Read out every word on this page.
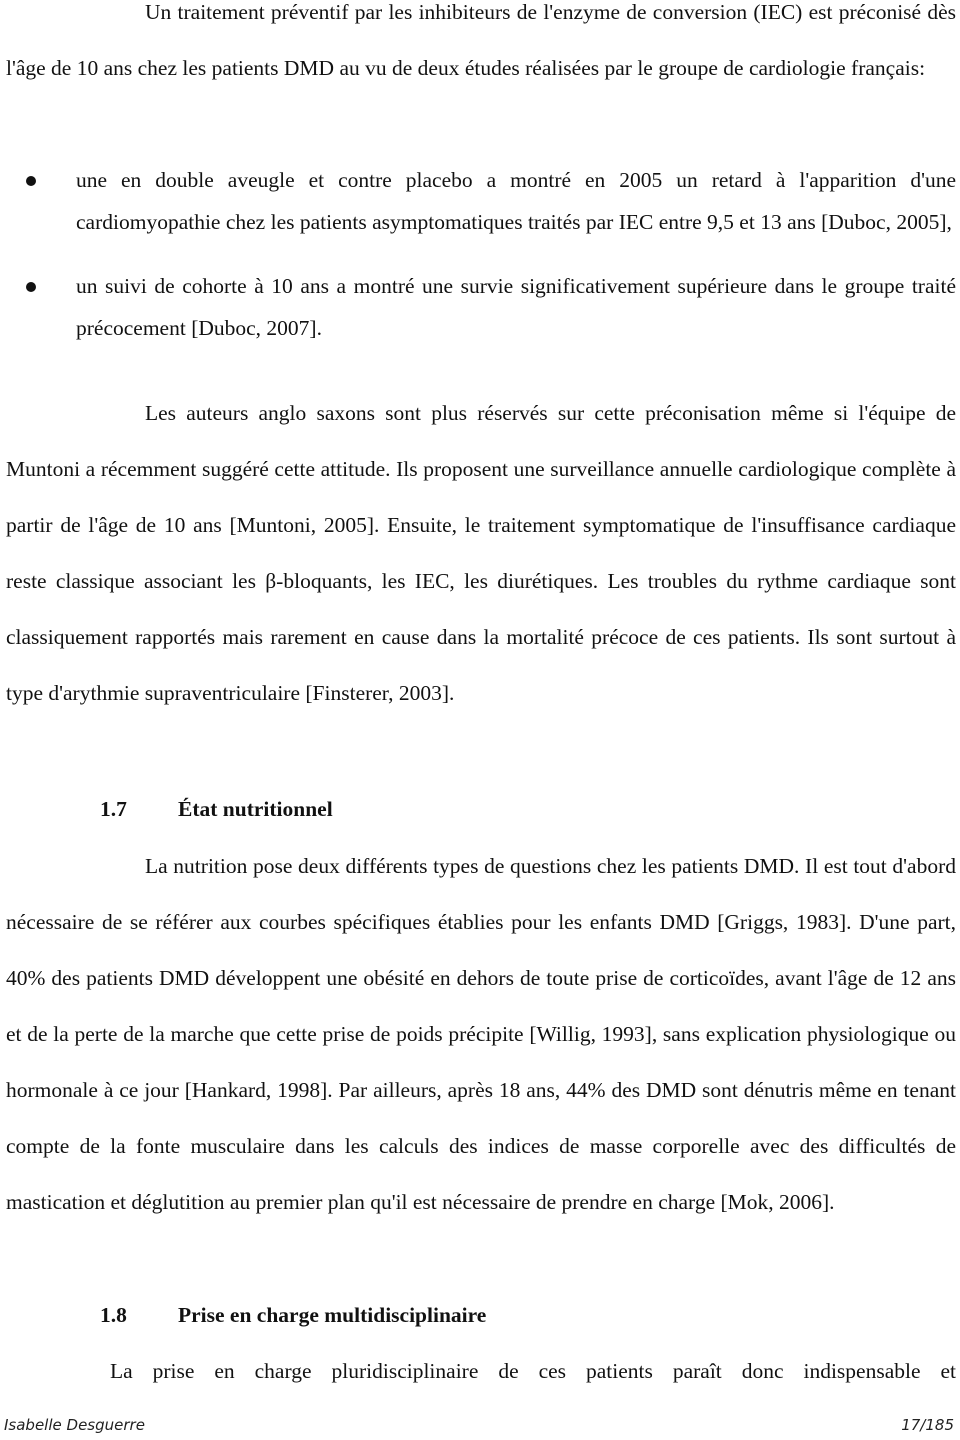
Un traitement préventif par les inhibiteurs de l'enzyme de conversion (IEC) est préconisé dès l'âge de 10 ans chez les patients DMD au vu de deux études réalisées par le groupe de cardiologie français:

une en double aveugle et contre placebo a montré en 2005 un retard à l'apparition d'une cardiomyopathie chez les patients asymptomatiques traités par IEC entre 9,5 et 13 ans [Duboc, 2005],
un suivi de cohorte à 10 ans a montré une survie significativement supérieure dans le groupe traité précocement [Duboc, 2007].

Les auteurs anglo saxons sont plus réservés sur cette préconisation même si l'équipe de Muntoni a récemment suggéré cette attitude. Ils proposent une surveillance annuelle cardiologique complète à partir de l'âge de 10 ans [Muntoni, 2005]. Ensuite, le traitement symptomatique de l'insuffisance cardiaque reste classique associant les β-bloquants, les IEC, les diurétiques. Les troubles du rythme cardiaque sont classiquement rapportés mais rarement en cause dans la mortalité précoce de ces patients. Ils sont surtout à type d'arythmie supraventriculaire [Finsterer, 2003].

1.7 État nutritionnel

La nutrition pose deux différents types de questions chez les patients DMD. Il est tout d'abord nécessaire de se référer aux courbes spécifiques établies pour les enfants DMD [Griggs, 1983]. D'une part, 40% des patients DMD développent une obésité en dehors de toute prise de corticoïdes, avant l'âge de 12 ans et de la perte de la marche que cette prise de poids précipite [Willig, 1993], sans explication physiologique ou hormonale à ce jour [Hankard, 1998]. Par ailleurs, après 18 ans, 44% des DMD sont dénutris même en tenant compte de la fonte musculaire dans les calculs des indices de masse corporelle avec des difficultés de mastication et déglutition au premier plan qu'il est nécessaire de prendre en charge [Mok, 2006].

1.8 Prise en charge multidisciplinaire

La prise en charge pluridisciplinaire de ces patients paraît donc indispensable et

Isabelle Desguerre	17/185
